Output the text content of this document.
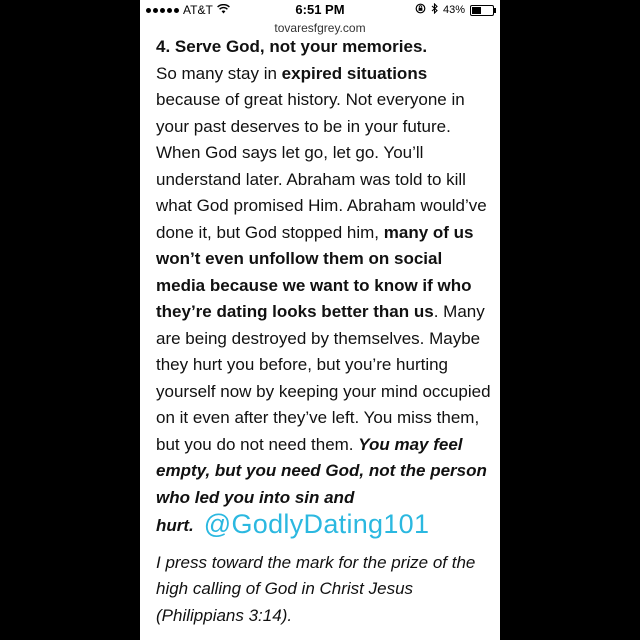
AT&T	6:51 PM	43%
tovaresfgrey.com

4. Serve God, not your memories.

So many stay in expired situations because of great history. Not everyone in your past deserves to be in your future. When God says let go, let go. You’ll understand later. Abraham was told to kill what God promised Him. Abraham would’ve done it, but God stopped him, many of us won’t even unfollow them on social media because we want to know if who they’re dating looks better than us. Many are being destroyed by themselves. Maybe they hurt you before, but you’re hurting yourself now by keeping your mind occupied on it even after they’ve left. You miss them, but you do not need them. You may feel empty, but you need God, not the person who led you into sin and hurt. @GodlyDating101

I press toward the mark for the prize of the high calling of God in Christ Jesus (Philippians 3:14).
